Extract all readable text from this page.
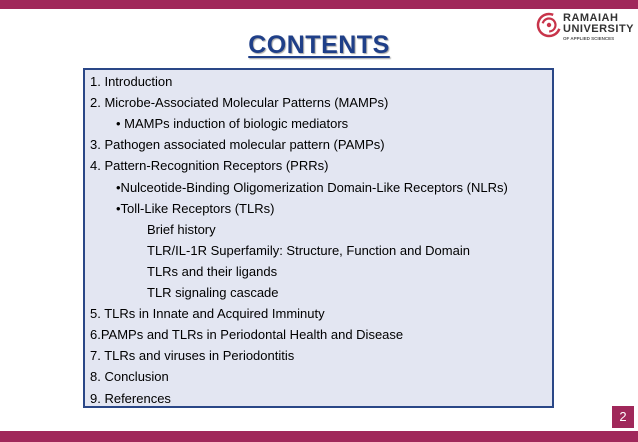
RAMAIAH
UNIVERSITY
OF APPLIED SCIENCES
CONTENTS
1. Introduction
2. Microbe-Associated Molecular Patterns (MAMPs)
• MAMPs induction of biologic mediators
3. Pathogen associated molecular pattern (PAMPs)
4. Pattern-Recognition Receptors (PRRs)
•Nulceotide-Binding Oligomerization Domain-Like Receptors (NLRs)
•Toll-Like Receptors (TLRs)
Brief history
TLR/IL-1R Superfamily: Structure, Function and Domain
TLRs and their ligands
TLR signaling cascade
5. TLRs in Innate and Acquired Imminuty
6.PAMPs and TLRs in Periodontal Health and Disease
7. TLRs and viruses in Periodontitis
8. Conclusion
9. References
2
